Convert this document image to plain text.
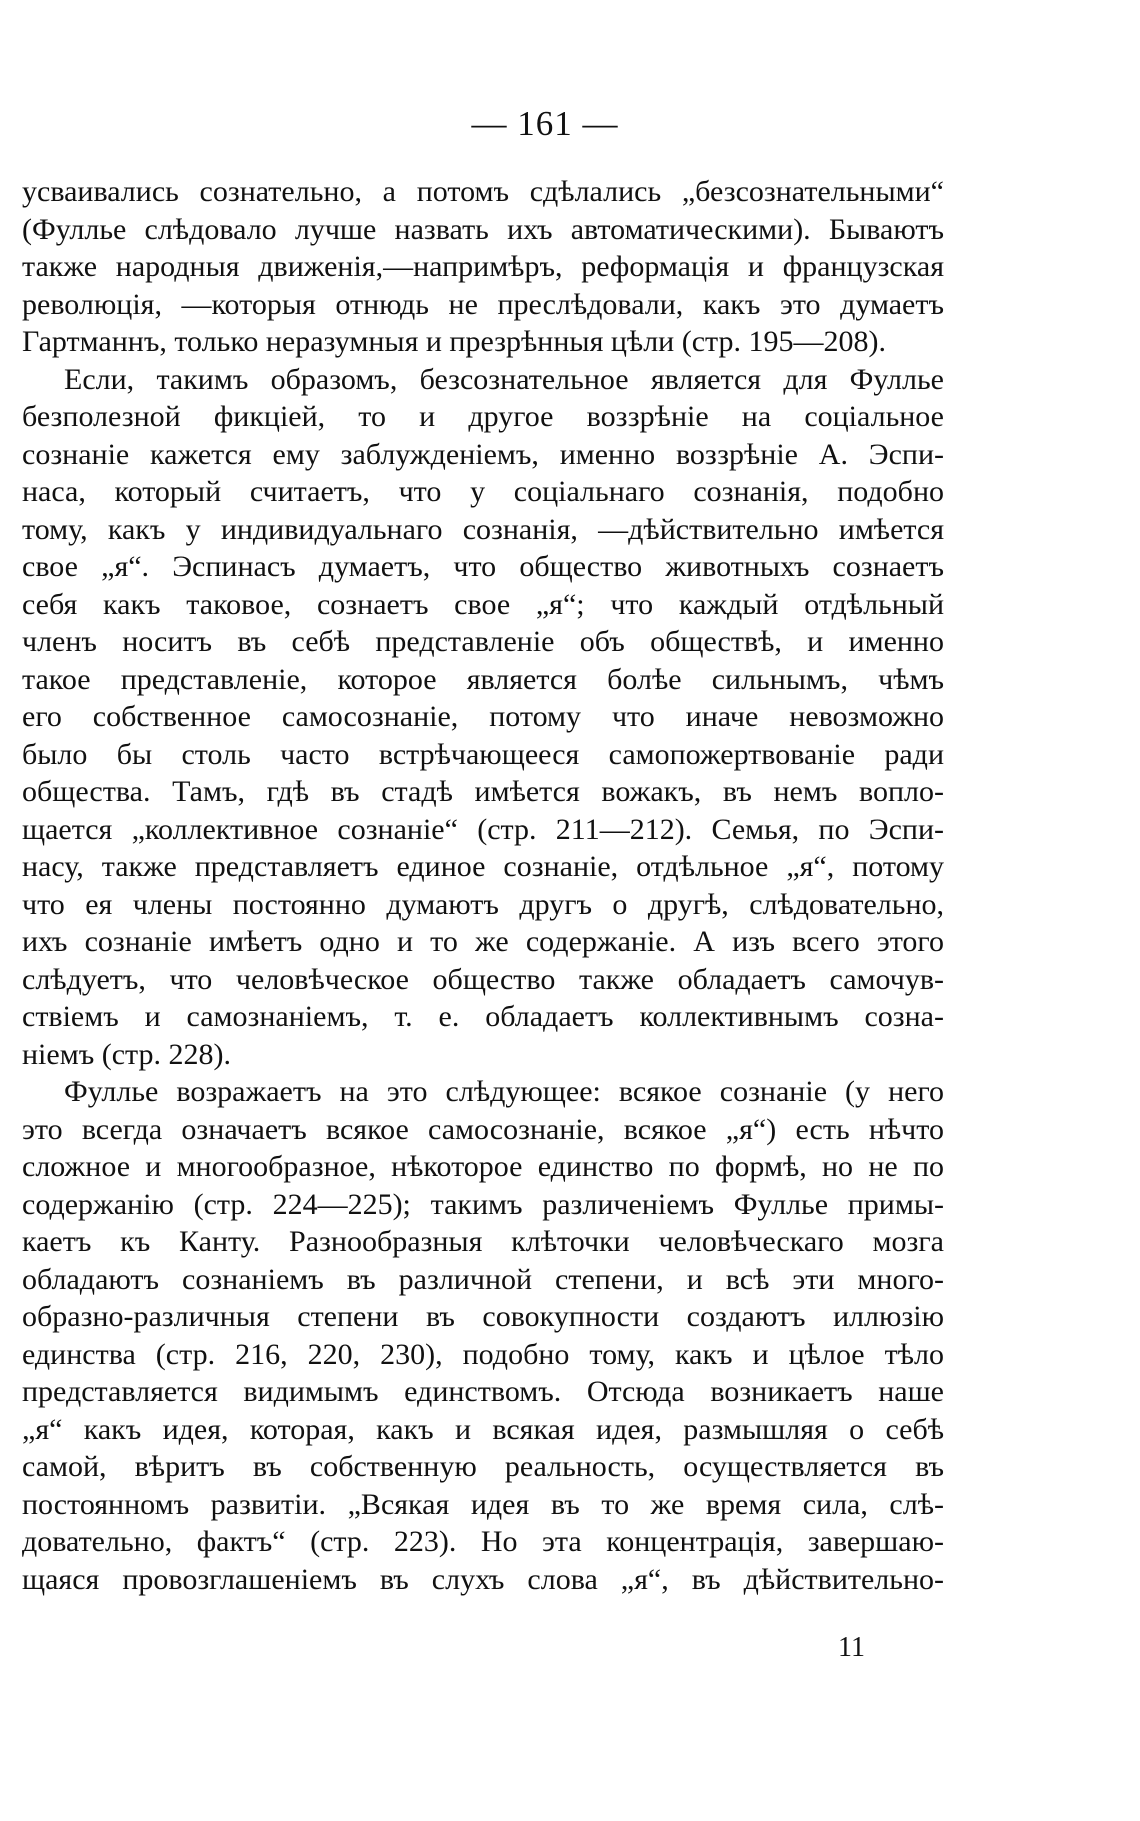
— 161 —
усваивались сознательно, а потомъ сдѣлались „безсознательными“
(Фуллье слѣдовало лучше назвать ихъ автоматическими). Бываютъ
также народныя движенія,—напримѣръ, реформація и французская
революція, —которыя отнюдь не преслѣдовали, какъ это думаетъ
Гартманнъ, только неразумныя и презрѣнныя цѣли (стр. 195—208).
Если, такимъ образомъ, безсознательное является для Фуллье
безполезной фикціей, то и другое воззрѣніе на соціальное
сознаніе кажется ему заблужденіемъ, именно воззрѣніе А. Эспи-
наса, который считаетъ, что у соціальнаго сознанія, подобно
тому, какъ у индивидуальнаго сознанія, —дѣйствительно имѣется
свое „я“. Эспинасъ думаетъ, что общество животныхъ сознаетъ
себя какъ таковое, сознаетъ свое „я“; что каждый отдѣльный
членъ носитъ въ себѣ представленіе объ обществѣ, и именно
такое представленіе, которое является болѣе сильнымъ, чѣмъ
его собственное самосознаніе, потому что иначе невозможно
было бы столь часто встрѣчающееся самопожертвованіе ради
общества. Тамъ, гдѣ въ стадѣ имѣется вожакъ, въ немъ вопло-
щается „коллективное сознаніе“ (стр. 211—212). Семья, по Эспи-
насу, также представляетъ единое сознаніе, отдѣльное „я“, потому
что ея члены постоянно думаютъ другъ о другѣ, слѣдовательно,
ихъ сознаніе имѣетъ одно и то же содержаніе. А изъ всего этого
слѣдуетъ, что человѣческое общество также обладаетъ самочув-
ствіемъ и самознаніемъ, т. е. обладаетъ коллективнымъ созна-
ніемъ (стр. 228).
Фуллье возражаетъ на это слѣдующее: всякое сознаніе (у него
это всегда означаетъ всякое самосознаніе, всякое „я“) есть нѣчто
сложное и многообразное, нѣкоторое единство по формѣ, но не по
содержанію (стр. 224—225); такимъ различеніемъ Фуллье примы-
каетъ къ Канту. Разнообразныя клѣточки человѣческаго мозга
обладаютъ сознаніемъ въ различной степени, и всѣ эти много-
образно-различныя степени въ совокупности создаютъ иллюзію
единства (стр. 216, 220, 230), подобно тому, какъ и цѣлое тѣло
представляется видимымъ единствомъ. Отсюда возникаетъ наше
„я“ какъ идея, которая, какъ и всякая идея, размышляя о себѣ
самой, вѣритъ въ собственную реальность, осуществляется въ
постоянномъ развитіи. „Всякая идея въ то же время сила, слѣ-
довательно, фактъ“ (стр. 223). Но эта концентрація, завершаю-
щаяся провозглашеніемъ въ слухъ слова „я“, въ дѣйствительно-
11
